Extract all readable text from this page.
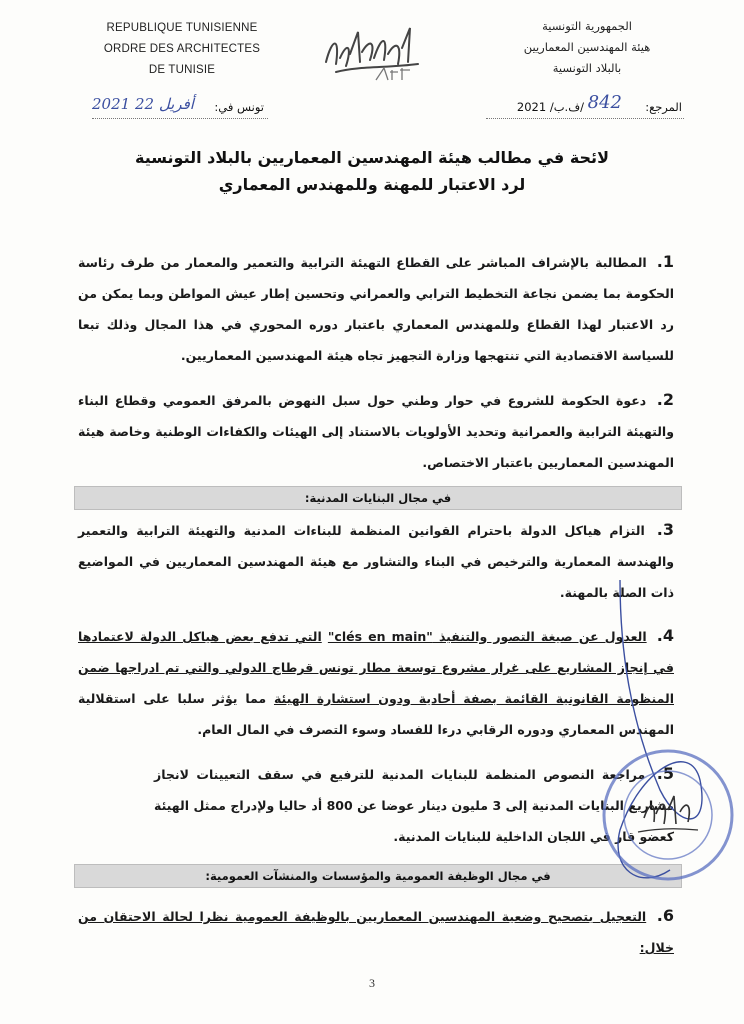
REPUBLIQUE TUNISIENNE
ORDRE DES ARCHITECTES
DE TUNISIE
الجمهورية التونسية
هيئة المهندسين المعماريين
بالبلاد التونسية
تونس في:
2021 أفريل 22	المرجع:
842
/ف.ب/ 2021
لائحة في مطالب هيئة المهندسين المعماريين بالبلاد التونسية
لرد الاعتبار للمهنة وللمهندس المعماري
1. المطالبة بالإشراف المباشر على القطاع التهيئة الترابية والتعمير والمعمار من طرف رئاسة الحكومة بما يضمن نجاعة التخطيط الترابي والعمراني وتحسين إطار عيش المواطن وبما يمكن من رد الاعتبار لهذا القطاع وللمهندس المعماري باعتبار دوره المحوري في هذا المجال وذلك تبعا للسياسة الاقتصادية التي تنتهجها وزارة التجهيز تجاه هيئة المهندسين المعماريين.
2. دعوة الحكومة للشروع في حوار وطني حول سبل النهوض بالمرفق العمومي وقطاع البناء والتهيئة الترابية والعمرانية وتحديد الأولويات بالاستناد إلى الهيئات والكفاءات الوطنية وخاصة هيئة المهندسين المعماريين باعتبار الاختصاص.
في مجال البنايات المدنية:
3. التزام هياكل الدولة باحترام القوانين المنظمة للبناءات المدنية والتهيئة الترابية والتعمير والهندسة المعمارية والترخيص في البناء والتشاور مع هيئة المهندسين المعماريين في المواضيع ذات الصلة بالمهنة.
4. العدول عن صيغة التصور والتنفيذ "clés en main" التي تدفع بعض هياكل الدولة لاعتمادها في إنجاز المشاريع على غرار مشروع توسعة مطار تونس قرطاج الدولي والتي تم ادراجها ضمن المنظومة القانونية القائمة بصفة أحادية ودون استشارة الهيئة مما يؤثر سلبا على استقلالية المهندس المعماري ودوره الرقابي درءا للفساد وسوء التصرف في المال العام.
5. مراجعة النصوص المنظمة للبنايات المدنية للترفيع في سقف التعيينات لانجاز مشاريع البنايات المدنية إلى 3 مليون دينار عوضا عن 800 أد حاليا ولإدراج ممثل الهيئة كعضو قار في اللجان الداخلية للبنايات المدنية.
في مجال الوظيفة العمومية والمؤسسات والمنشآت العمومية:
6. التعجيل بتصحيح وضعية المهندسين المعماريين بالوظيفة العمومية نظرا لحالة الاحتقان من خلال:
3
